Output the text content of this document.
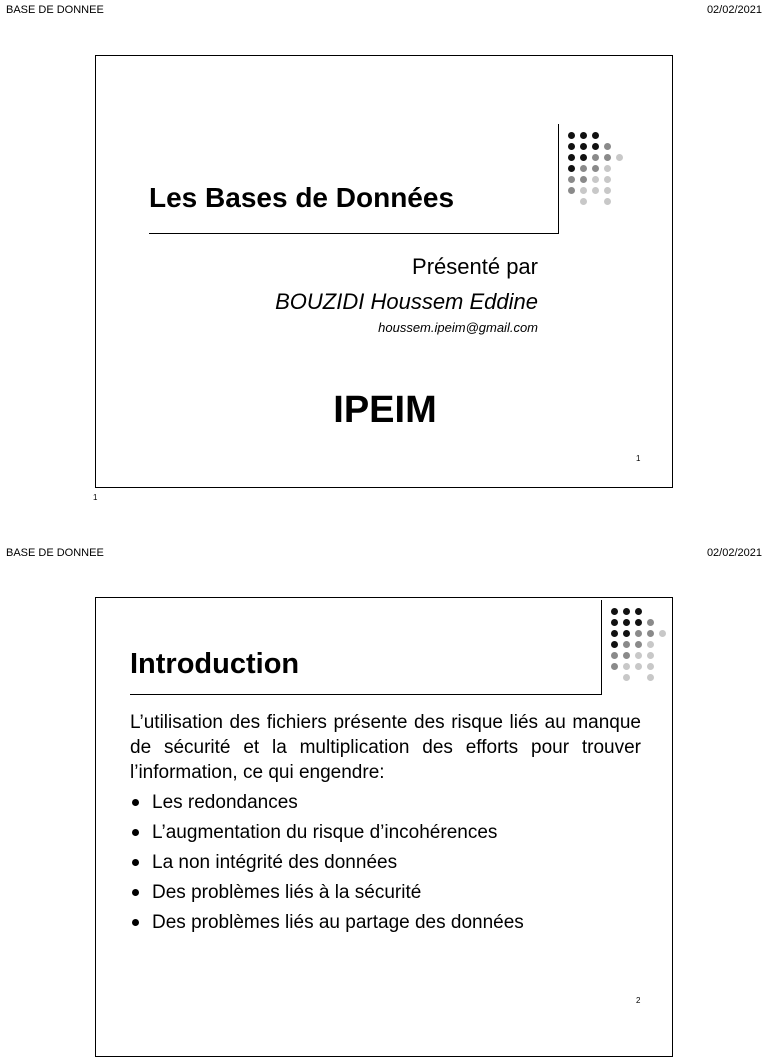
BASE DE DONNEE	02/02/2021
Les Bases de Données
Présenté par
BOUZIDI Houssem Eddine
houssem.ipeim@gmail.com
IPEIM
1
1
BASE DE DONNEE	02/02/2021
Introduction
L’utilisation des fichiers présente des risque liés au manque de sécurité et la multiplication des efforts pour trouver l’information, ce qui engendre:
Les redondances
L’augmentation du risque d’incohérences
La non intégrité des données
Des problèmes liés à la sécurité
Des problèmes liés au partage des données
2
